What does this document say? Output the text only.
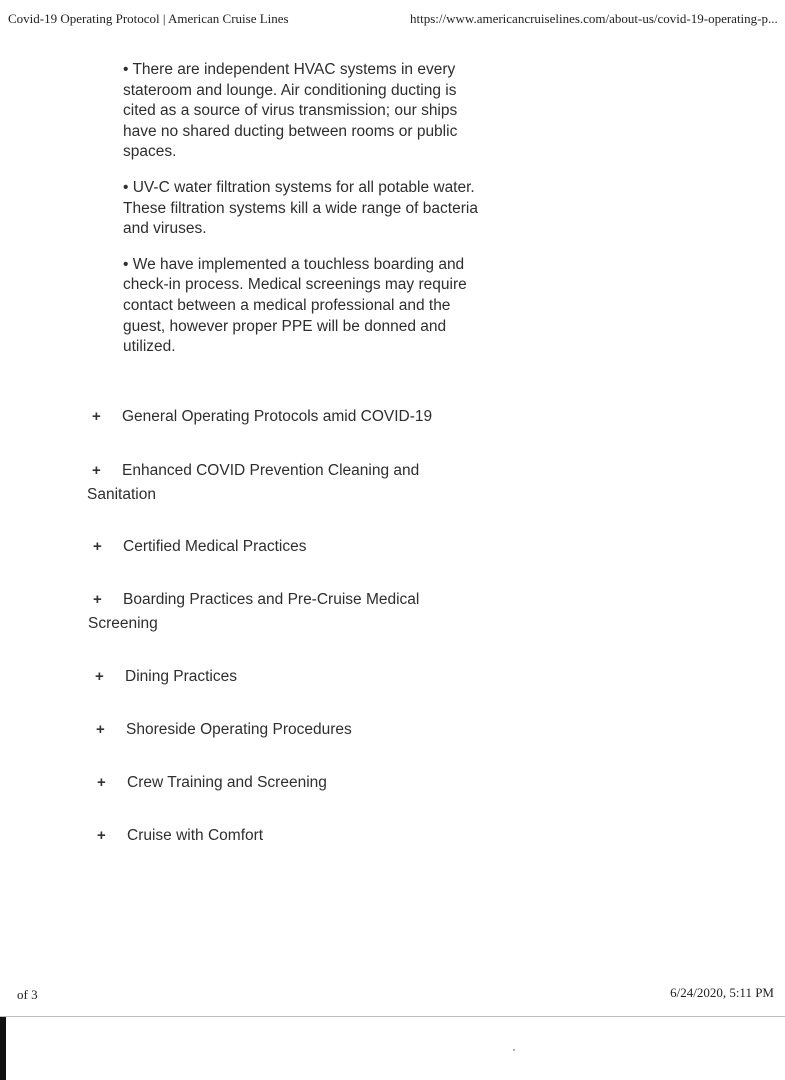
Covid-19 Operating Protocol | American Cruise Lines	https://www.americancruiselines.com/about-us/covid-19-operating-p...

• There are independent HVAC systems in every stateroom and lounge. Air conditioning ducting is cited as a source of virus transmission; our ships have no shared ducting between rooms or public spaces.

• UV-C water filtration systems for all potable water. These filtration systems kill a wide range of bacteria and viruses.

• We have implemented a touchless boarding and check-in process. Medical screenings may require contact between a medical professional and the guest, however proper PPE will be donned and utilized.

+ General Operating Protocols amid COVID-19
+ Enhanced COVID Prevention Cleaning and Sanitation
+ Certified Medical Practices
+ Boarding Practices and Pre-Cruise Medical Screening
+ Dining Practices
+ Shoreside Operating Procedures
+ Crew Training and Screening
+ Cruise with Comfort
of 3	6/24/2020, 5:11 PM
